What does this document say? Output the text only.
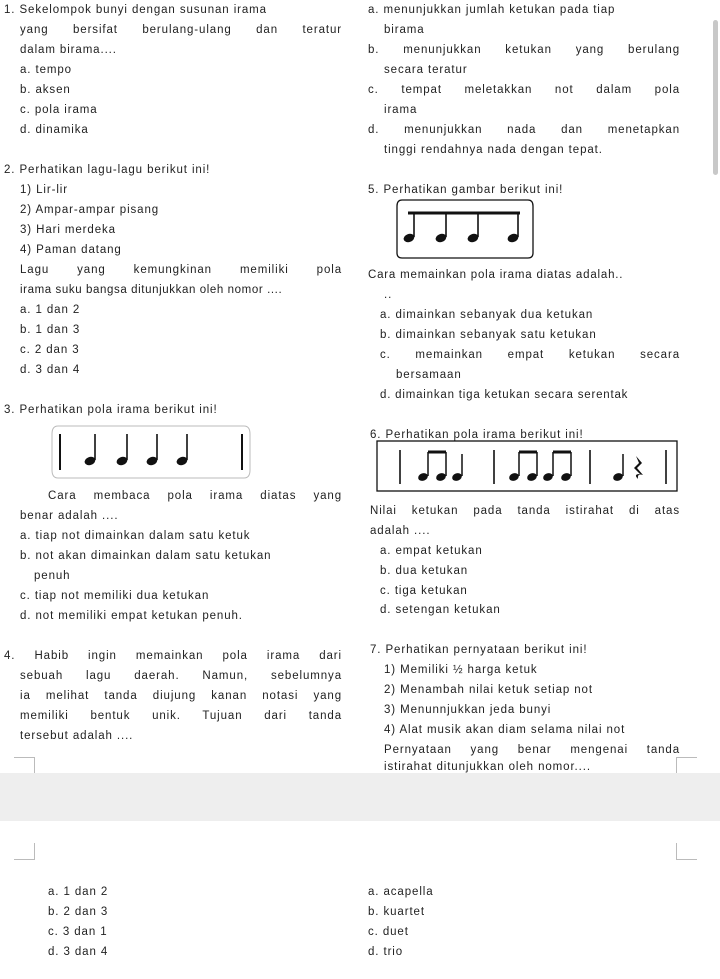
1. Sekelompok bunyi dengan susunan irama
yang bersifat berulang-ulang dan teratur
dalam birama....
a. tempo
b. aksen
c. pola irama
d. dinamika
2. Perhatikan lagu-lagu berikut ini!
1) Lir-lir
2) Ampar-ampar pisang
3) Hari merdeka
4) Paman datang
Lagu yang kemungkinan memiliki pola
irama suku bangsa ditunjukkan oleh nomor ....
a. 1 dan 2
b. 1 dan 3
c. 2 dan 3
d. 3 dan 4
3. Perhatikan pola irama berikut ini!
Cara membaca pola irama diatas yang
benar adalah ....
a. tiap not dimainkan dalam satu ketuk
b. not akan dimainkan dalam satu ketukan
penuh
c. tiap not memiliki dua ketukan
d. not memiliki empat ketukan penuh.
4. Habib ingin memainkan pola irama dari
sebuah lagu daerah. Namun, sebelumnya
ia melihat tanda diujung kanan notasi yang
memiliki bentuk unik. Tujuan dari tanda
tersebut adalah ....
a. menunjukkan jumlah ketukan pada tiap
birama
b. menunjukkan ketukan yang berulang
secara teratur
c. tempat meletakkan not dalam pola
irama
d. menunjukkan nada dan menetapkan
tinggi rendahnya nada dengan tepat.
5. Perhatikan gambar berikut ini!
Cara memainkan pola irama diatas adalah..
..
a. dimainkan sebanyak dua ketukan
b. dimainkan sebanyak satu ketukan
c. memainkan empat ketukan secara
bersamaan
d. dimainkan tiga ketukan secara serentak
6. Perhatikan pola irama berikut ini!
Nilai ketukan pada tanda istirahat di atas
adalah ....
a. empat ketukan
b. dua ketukan
c. tiga ketukan
d. setengan ketukan
7. Perhatikan pernyataan berikut ini!
1) Memiliki ½ harga ketuk
2) Menambah nilai ketuk setiap not
3) Menunnjukkan jeda bunyi
4) Alat musik akan diam selama nilai not
Pernyataan yang benar mengenai tanda
istirahat ditunjukkan oleh nomor....
a. 1 dan 2
b. 2 dan 3
c. 3 dan 1
d. 3 dan 4
a. acapella
b. kuartet
c. duet
d. trio
